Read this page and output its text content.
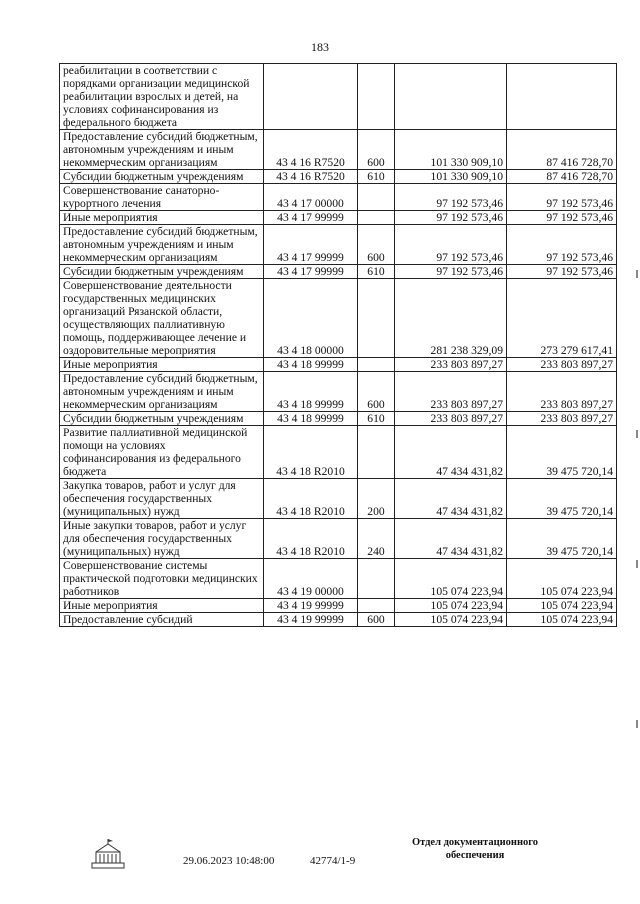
183
реабилитации в соответствии с порядками организации медицинской реабилитации взрослых и детей, на условиях софинансирования из федерального бюджета				
Предоставление субсидий бюджетным, автономным учреждениям и иным некоммерческим организациям	43 4 16 R7520	600	101 330 909,10	87 416 728,70
Субсидии бюджетным учреждениям	43 4 16 R7520	610	101 330 909,10	87 416 728,70
Совершенствование санаторно-курортного лечения	43 4 17 00000		97 192 573,46	97 192 573,46
Иные мероприятия	43 4 17 99999		97 192 573,46	97 192 573,46
Предоставление субсидий бюджетным, автономным учреждениям и иным некоммерческим организациям	43 4 17 99999	600	97 192 573,46	97 192 573,46
Субсидии бюджетным учреждениям	43 4 17 99999	610	97 192 573,46	97 192 573,46
Совершенствование деятельности государственных медицинских организаций Рязанской области, осуществляющих паллиативную помощь, поддерживающее лечение и оздоровительные мероприятия	43 4 18 00000		281 238 329,09	273 279 617,41
Иные мероприятия	43 4 18 99999		233 803 897,27	233 803 897,27
Предоставление субсидий бюджетным, автономным учреждениям и иным некоммерческим организациям	43 4 18 99999	600	233 803 897,27	233 803 897,27
Субсидии бюджетным учреждениям	43 4 18 99999	610	233 803 897,27	233 803 897,27
Развитие паллиативной медицинской помощи на условиях софинансирования из федерального бюджета	43 4 18 R2010		47 434 431,82	39 475 720,14
Закупка товаров, работ и услуг для обеспечения государственных (муниципальных) нужд	43 4 18 R2010	200	47 434 431,82	39 475 720,14
Иные закупки товаров, работ и услуг для обеспечения государственных (муниципальных) нужд	43 4 18 R2010	240	47 434 431,82	39 475 720,14
Совершенствование системы практической подготовки медицинских работников	43 4 19 00000		105 074 223,94	105 074 223,94
Иные мероприятия	43 4 19 99999		105 074 223,94	105 074 223,94
Предоставление субсидий	43 4 19 99999	600	105 074 223,94	105 074 223,94
29.06.2023 10:48:00	42774/1-9
Отдел документационного обеспечения
